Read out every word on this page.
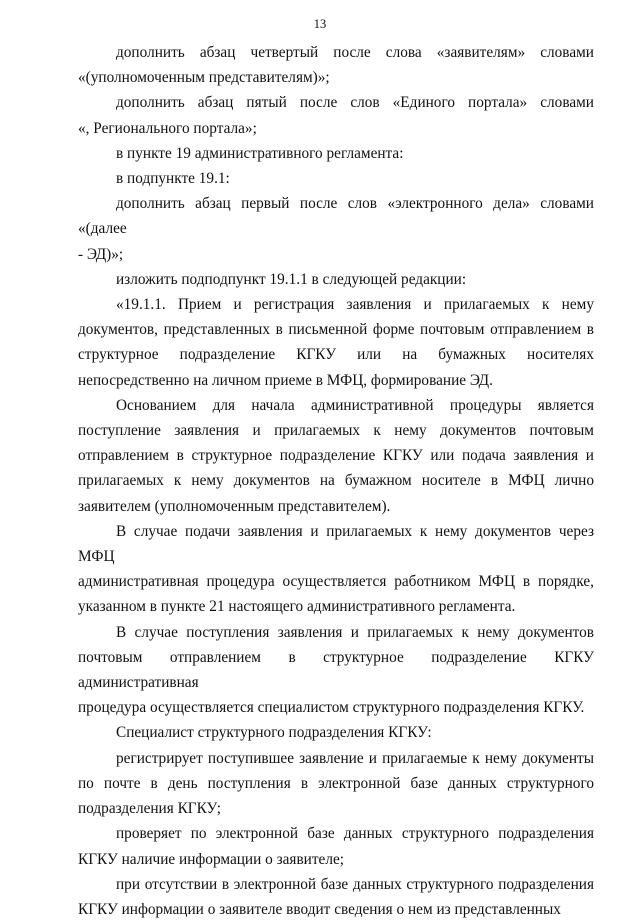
13
дополнить абзац четвертый после слова «заявителям» словами
«(уполномоченным представителям)»;
дополнить абзац пятый после слов «Единого портала» словами
«, Регионального портала»;
в пункте 19 административного регламента:
в подпункте 19.1:
дополнить абзац первый после слов «электронного дела» словами «(далее
- ЭД)»;
изложить подподпункт 19.1.1 в следующей редакции:
«19.1.1. Прием и регистрация заявления и прилагаемых к нему
документов, представленных в письменной форме почтовым отправлением в
структурное подразделение КГКУ или на бумажных носителях
непосредственно на личном приеме в МФЦ, формирование ЭД.
Основанием для начала административной процедуры является
поступление заявления и прилагаемых к нему документов почтовым
отправлением в структурное подразделение КГКУ или подача заявления и
прилагаемых к нему документов на бумажном носителе в МФЦ лично
заявителем (уполномоченным представителем).
В случае подачи заявления и прилагаемых к нему документов через МФЦ
административная процедура осуществляется работником МФЦ в порядке,
указанном в пункте 21 настоящего административного регламента.
В случае поступления заявления и прилагаемых к нему документов
почтовым отправлением в структурное подразделение КГКУ административная
процедура осуществляется специалистом структурного подразделения КГКУ.
Специалист структурного подразделения КГКУ:
регистрирует поступившее заявление и прилагаемые к нему документы
по почте в день поступления в электронной базе данных структурного
подразделения КГКУ;
проверяет по электронной базе данных структурного подразделения
КГКУ наличие информации о заявителе;
при отсутствии в электронной базе данных структурного подразделения
КГКУ информации о заявителе вводит сведения о нем из представленных
